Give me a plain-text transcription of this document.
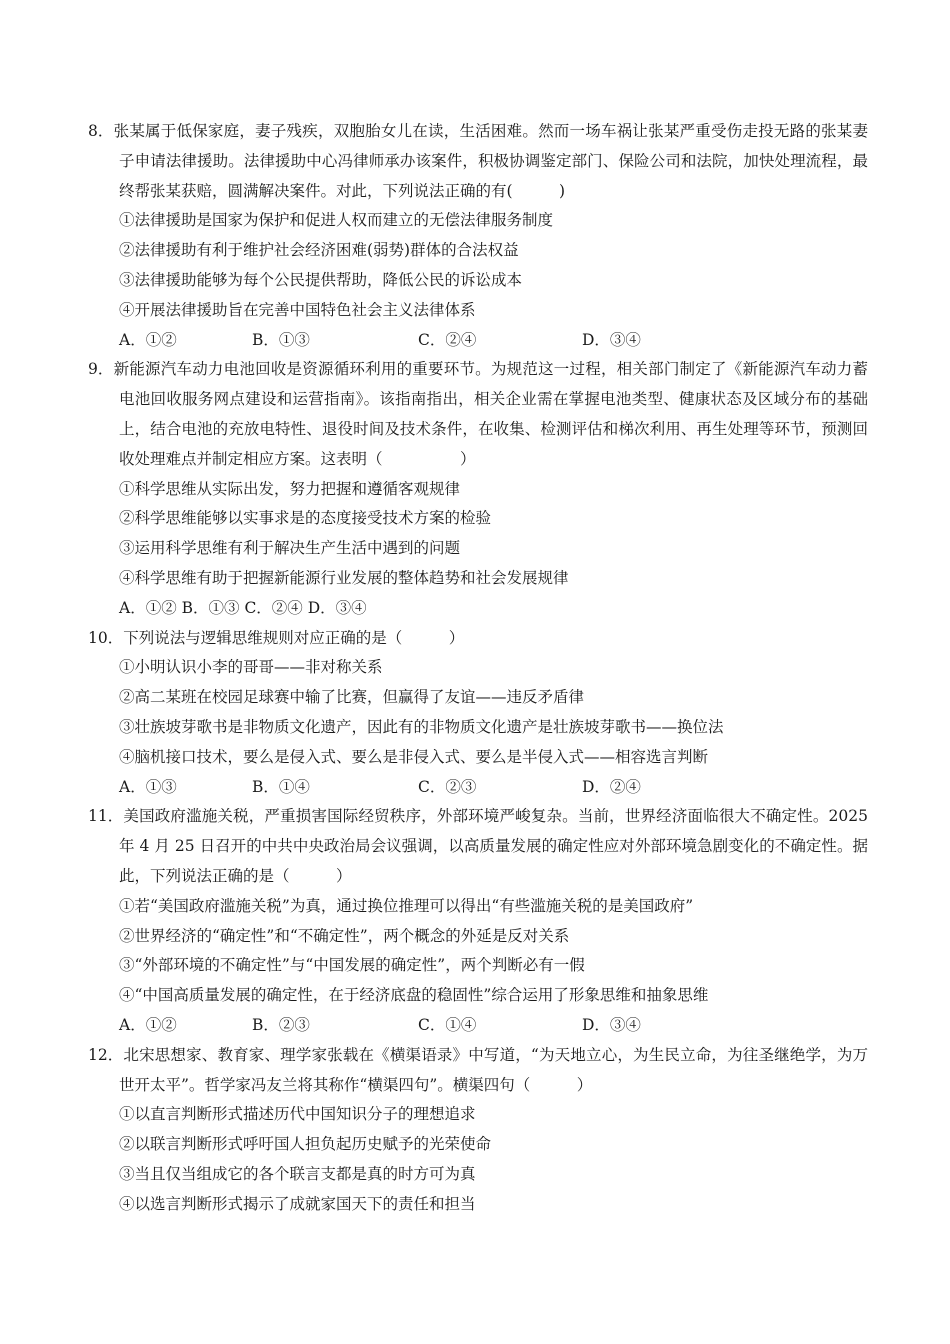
8．张某属于低保家庭，妻子残疾，双胞胎女儿在读，生活困难。然而一场车祸让张某严重受伤走投无路的张某妻子申请法律援助。法律援助中心冯律师承办该案件，积极协调鉴定部门、保险公司和法院，加快处理流程，最终帮张某获赔，圆满解决案件。对此，下列说法正确的有(　　　)
①法律援助是国家为保护和促进人权而建立的无偿法律服务制度
②法律援助有利于维护社会经济困难(弱势)群体的合法权益
③法律援助能够为每个公民提供帮助，降低公民的诉讼成本
④开展法律援助旨在完善中国特色社会主义法律体系
A．①②	B．①③	C．②④	D．③④
9．新能源汽车动力电池回收是资源循环利用的重要环节。为规范这一过程，相关部门制定了《新能源汽车动力蓄电池回收服务网点建设和运营指南》。该指南指出，相关企业需在掌握电池类型、健康状态及区域分布的基础上，结合电池的充放电特性、退役时间及技术条件，在收集、检测评估和梯次利用、再生处理等环节，预测回收处理难点并制定相应方案。这表明（　　　　　）
①科学思维从实际出发，努力把握和遵循客观规律
②科学思维能够以实事求是的态度接受技术方案的检验
③运用科学思维有利于解决生产生活中遇到的问题
④科学思维有助于把握新能源行业发展的整体趋势和社会发展规律
A．①② B．①③ C．②④ D．③④
10．下列说法与逻辑思维规则对应正确的是（　　　）
①小明认识小李的哥哥——非对称关系
②高二某班在校园足球赛中输了比赛，但赢得了友谊——违反矛盾律
③壮族坡芽歌书是非物质文化遗产，因此有的非物质文化遗产是壮族坡芽歌书——换位法
④脑机接口技术，要么是侵入式、要么是非侵入式、要么是半侵入式——相容选言判断
A．①③	B．①④	C．②③	D．②④
11．美国政府滥施关税，严重损害国际经贸秩序，外部环境严峻复杂。当前，世界经济面临很大不确定性。2025 年 4 月 25 日召开的中共中央政治局会议强调，以高质量发展的确定性应对外部环境急剧变化的不确定性。据此，下列说法正确的是（　　　）
①若“美国政府滥施关税”为真，通过换位推理可以得出“有些滥施关税的是美国政府”
②世界经济的“确定性”和“不确定性”，两个概念的外延是反对关系
③“外部环境的不确定性”与“中国发展的确定性”，两个判断必有一假
④“中国高质量发展的确定性，在于经济底盘的稳固性”综合运用了形象思维和抽象思维
A．①②	B．②③	C．①④	D．③④
12．北宋思想家、教育家、理学家张载在《横渠语录》中写道，“为天地立心，为生民立命，为往圣继绝学，为万世开太平”。哲学家冯友兰将其称作“横渠四句”。横渠四句（　　　）
①以直言判断形式描述历代中国知识分子的理想追求
②以联言判断形式呼吁国人担负起历史赋予的光荣使命
③当且仅当组成它的各个联言支都是真的时方可为真
④以选言判断形式揭示了成就家国天下的责任和担当
